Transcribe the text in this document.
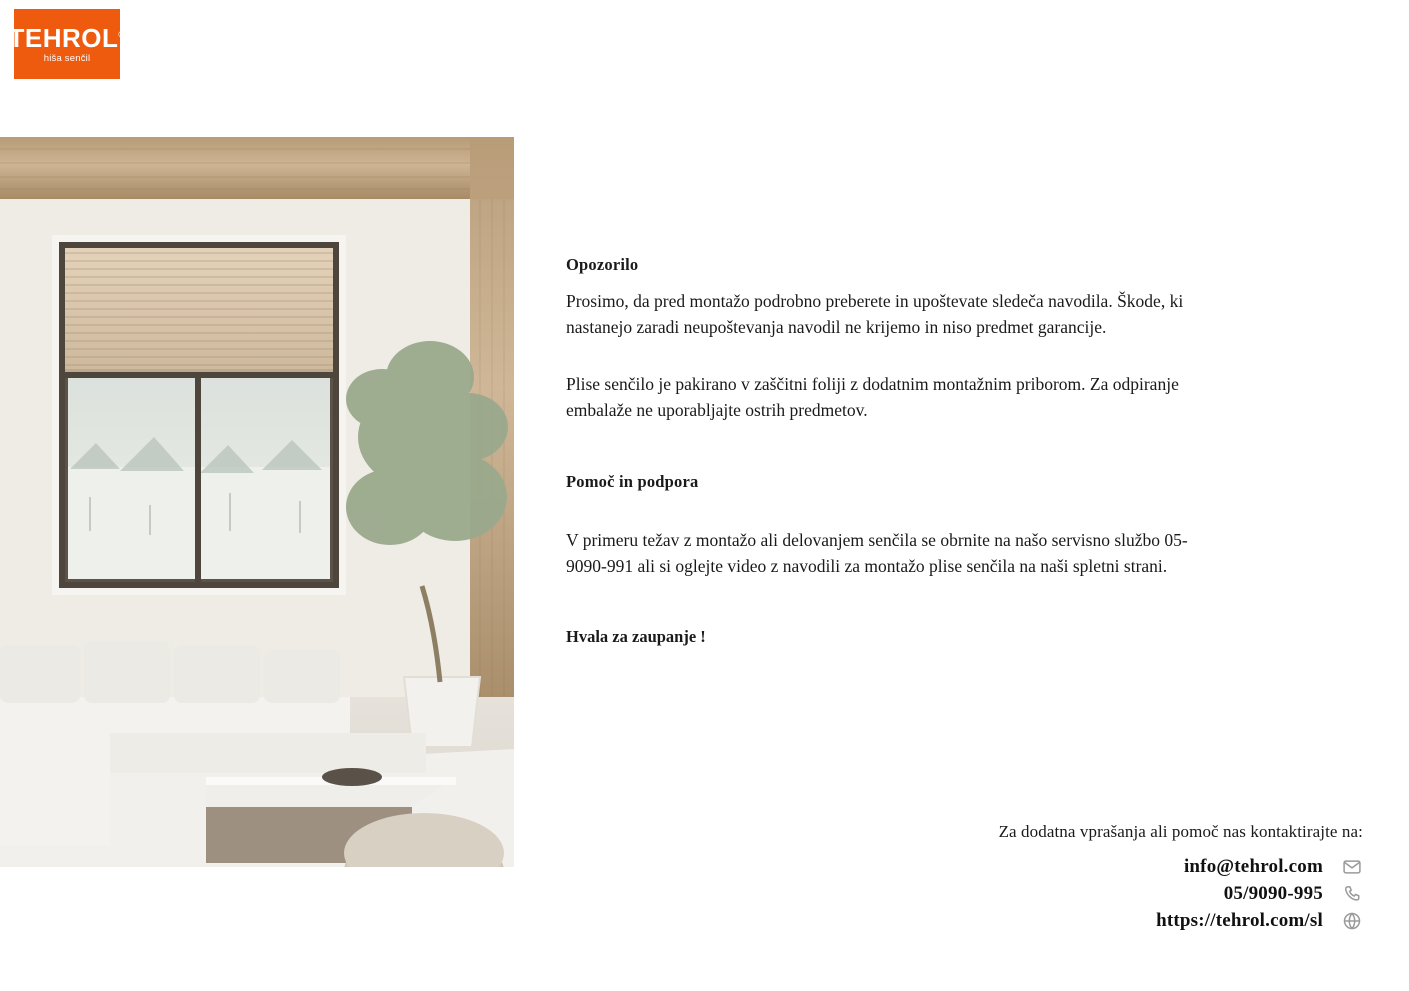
TEHROL®
hiša senčil

Opozorilo

Prosimo, da pred montažo podrobno preberete in upoštevate sledeča navodila. Škode, ki nastanejo zaradi neupoštevanja navodil ne krijemo in niso predmet garancije.

Plise senčilo je pakirano v zaščitni foliji z dodatnim montažnim priborom. Za odpiranje embalaže ne uporabljajte ostrih predmetov.

Pomoč in podpora

V primeru težav z montažo ali delovanjem senčila se obrnite na našo servisno službo 05-9090-991 ali si oglejte video z navodili za montažo plise senčila na naši spletni strani.

Hvala za zaupanje !

Za dodatna vprašanja ali pomoč nas kontaktirajte na:

info@tehrol.com
05/9090-995
https://tehrol.com/sl
